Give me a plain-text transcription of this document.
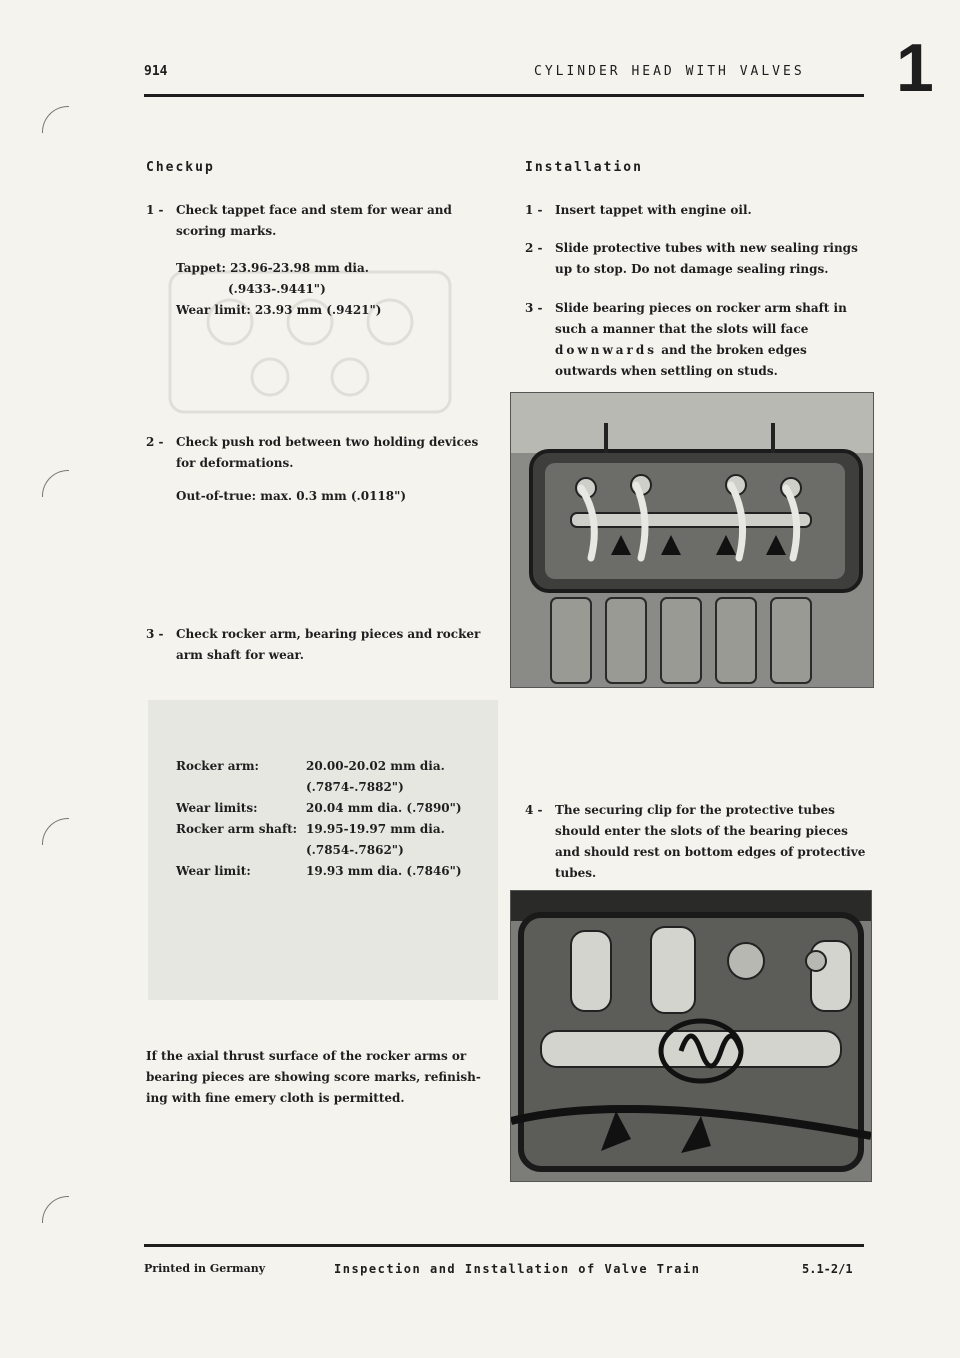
914	CYLINDER HEAD WITH VALVES 1
Checkup
1 - Check tappet face and stem for wear and scoring marks.
Tappet: 23.96-23.98 mm dia.
(.9433-.9441")
Wear limit: 23.93 mm (.9421")
2 - Check push rod between two holding devices for deformations.
Out-of-true: max. 0.3 mm (.0118")
3 - Check rocker arm, bearing pieces and rocker arm shaft for wear.
Rocker arm:	20.00-20.02 mm dia.
(.7874-.7882")
Wear limits:	20.04 mm dia. (.7890")
Rocker arm shaft: 19.95-19.97 mm dia.
(.7854-.7862")
Wear limit:	19.93 mm dia. (.7846")
If the axial thrust surface of the rocker arms or bearing pieces are showing score marks, refinish-ing with fine emery cloth is permitted.
Installation
1 - Insert tappet with engine oil.
2 - Slide protective tubes with new sealing rings up to stop. Do not damage sealing rings.
3 - Slide bearing pieces on rocker arm shaft in such a manner that the slots will face downwards and the broken edges outwards when settling on studs.
4 - The securing clip for the protective tubes should enter the slots of the bearing pieces and should rest on bottom edges of protective tubes.
Printed in Germany	Inspection and Installation of Valve Train	5.1-2/1
